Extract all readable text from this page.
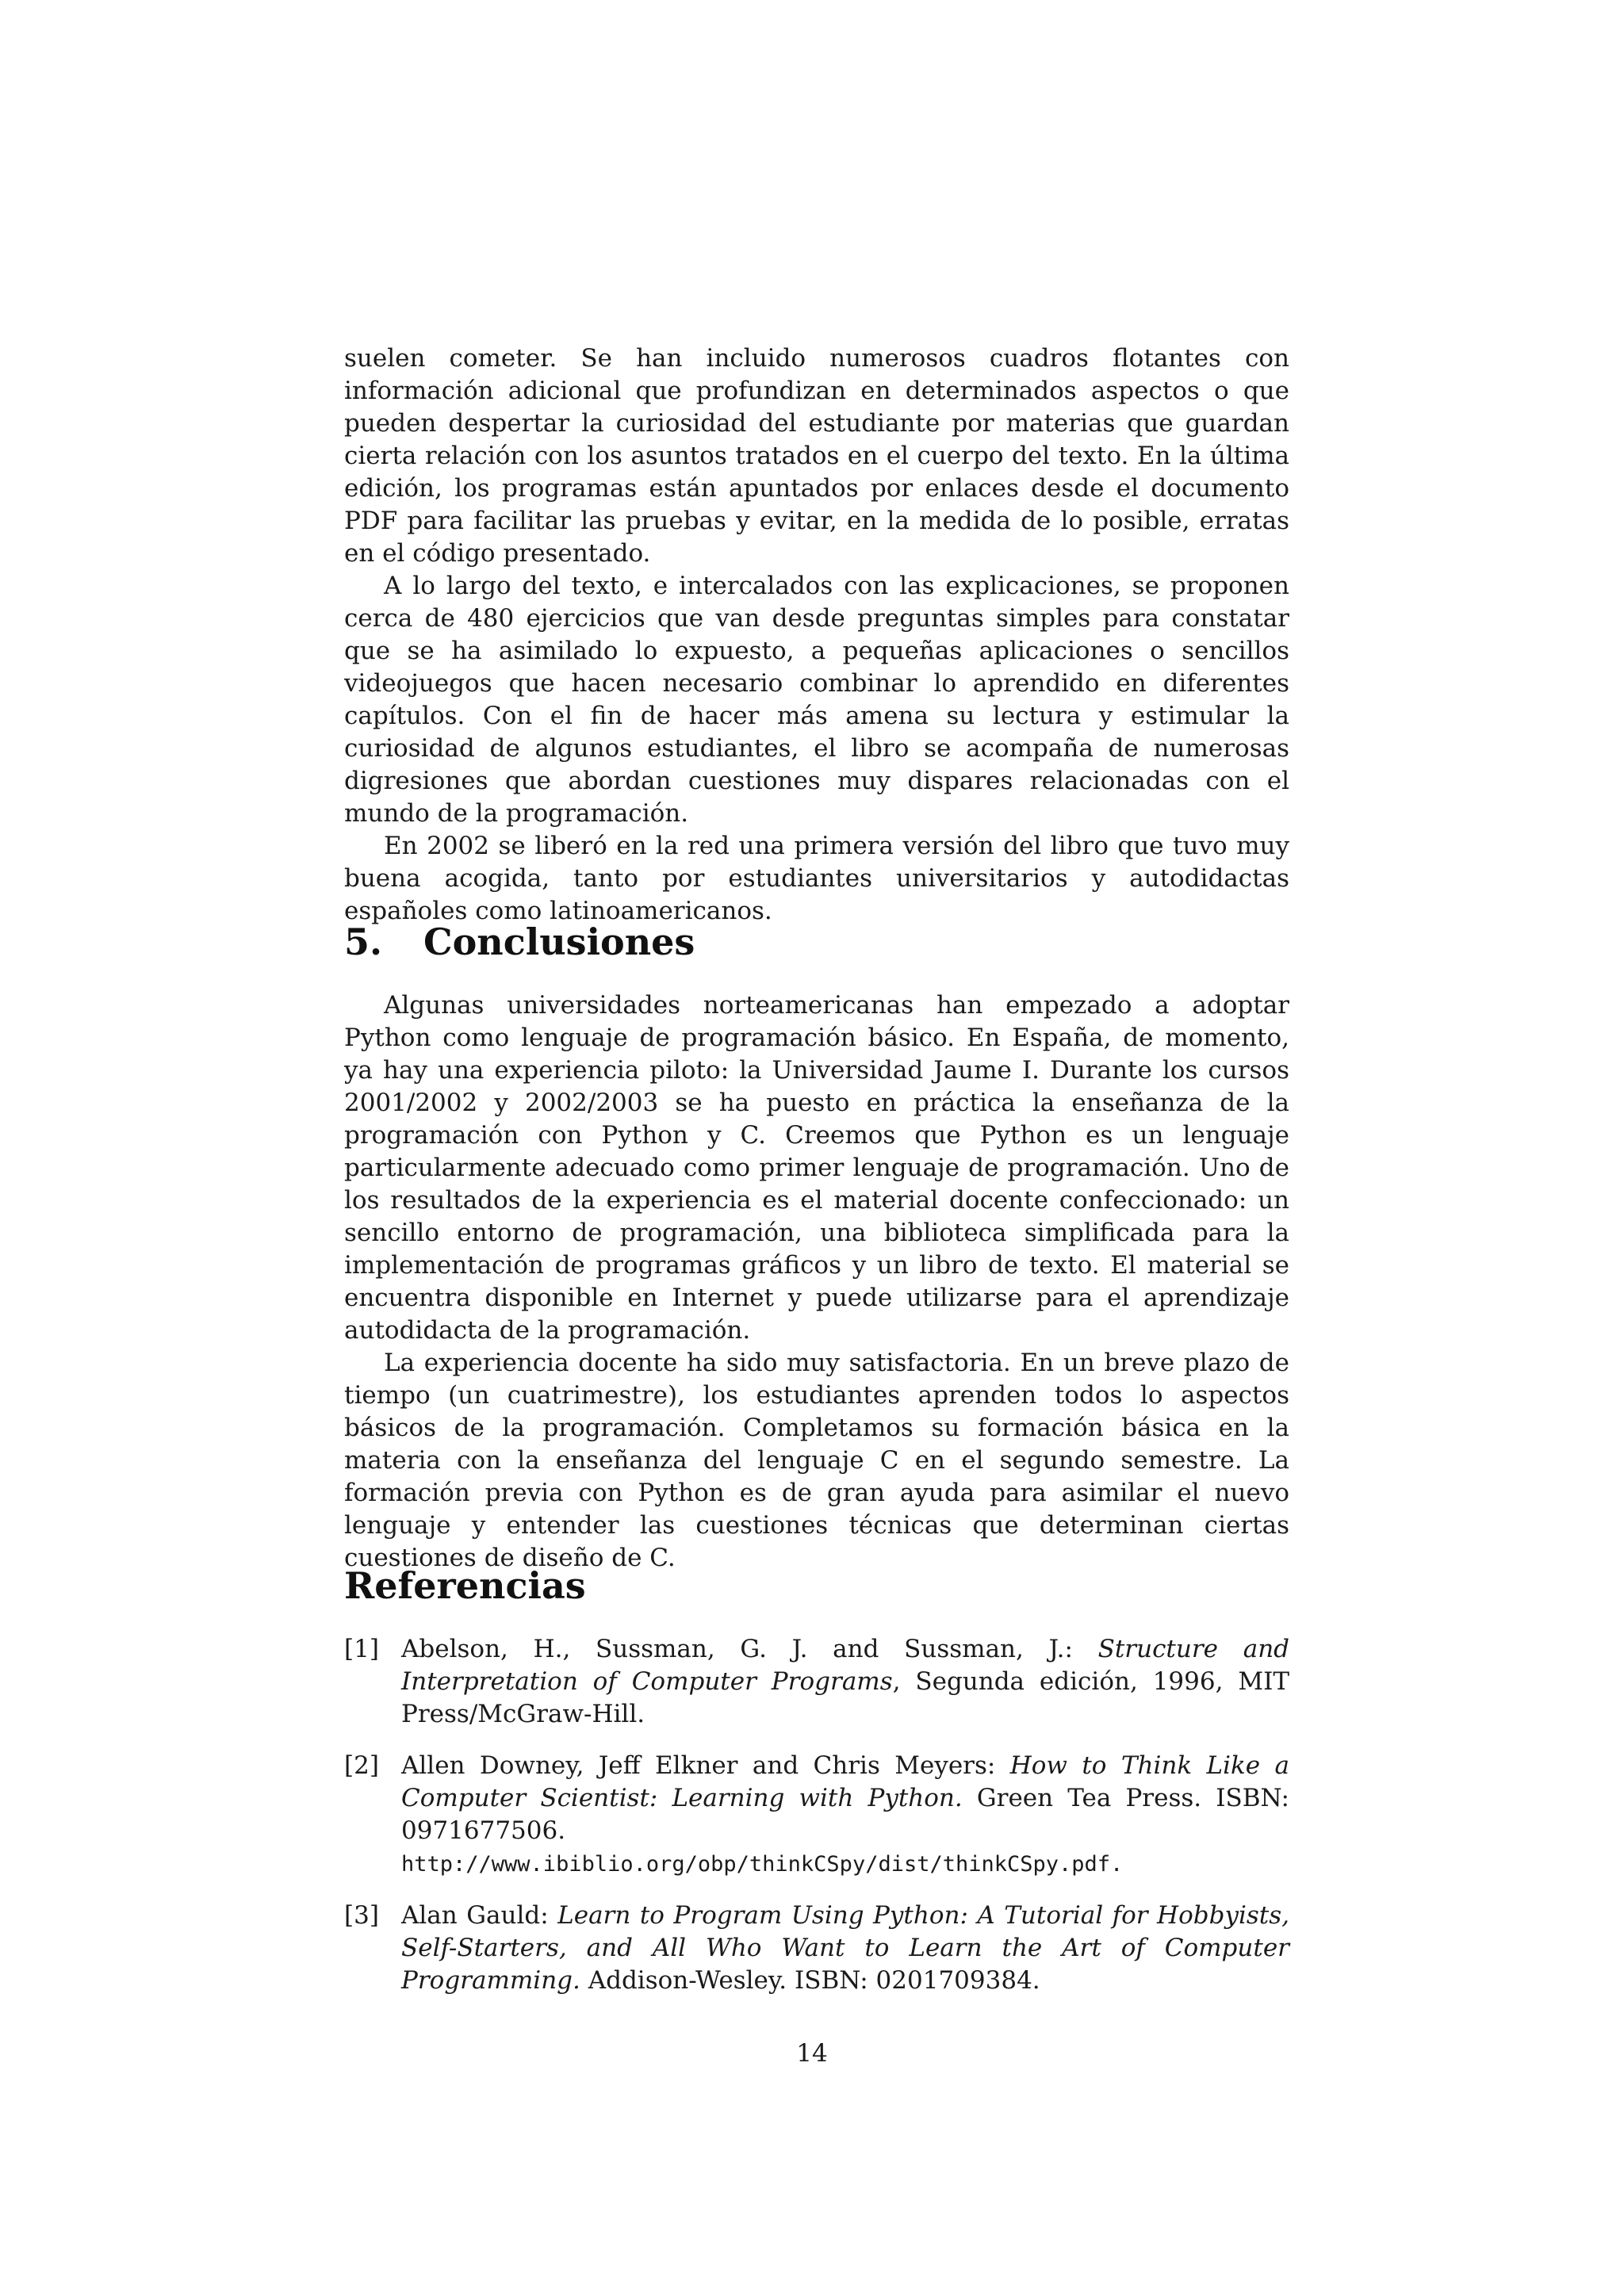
suelen cometer. Se han incluido numerosos cuadros flotantes con información adicional que profundizan en determinados aspectos o que pueden despertar la curiosidad del estudiante por materias que guardan cierta relación con los asuntos tratados en el cuerpo del texto. En la última edición, los programas están apuntados por enlaces desde el documento PDF para facilitar las pruebas y evitar, en la medida de lo posible, erratas en el código presentado.

A lo largo del texto, e intercalados con las explicaciones, se proponen cerca de 480 ejercicios que van desde preguntas simples para constatar que se ha asimilado lo expuesto, a pequeñas aplicaciones o sencillos videojuegos que hacen necesario combinar lo aprendido en diferentes capítulos. Con el fin de hacer más amena su lectura y estimular la curiosidad de algunos estudiantes, el libro se acompaña de numerosas digresiones que abordan cuestiones muy dispares relacionadas con el mundo de la programación.

En 2002 se liberó en la red una primera versión del libro que tuvo muy buena acogida, tanto por estudiantes universitarios y autodidactas españoles como latinoamericanos.

5. Conclusiones

Algunas universidades norteamericanas han empezado a adoptar Python como lenguaje de programación básico. En España, de momento, ya hay una experiencia piloto: la Universidad Jaume I. Durante los cursos 2001/2002 y 2002/2003 se ha puesto en práctica la enseñanza de la programación con Python y C. Creemos que Python es un lenguaje particularmente adecuado como primer lenguaje de programación. Uno de los resultados de la experiencia es el material docente confeccionado: un sencillo entorno de programación, una biblioteca simplificada para la implementación de programas gráficos y un libro de texto. El material se encuentra disponible en Internet y puede utilizarse para el aprendizaje autodidacta de la programación.

La experiencia docente ha sido muy satisfactoria. En un breve plazo de tiempo (un cuatrimestre), los estudiantes aprenden todos lo aspectos básicos de la programación. Completamos su formación básica en la materia con la enseñanza del lenguaje C en el segundo semestre. La formación previa con Python es de gran ayuda para asimilar el nuevo lenguaje y entender las cuestiones técnicas que determinan ciertas cuestiones de diseño de C.

Referencias
[1] Abelson, H., Sussman, G. J. and Sussman, J.: Structure and Interpretation of Computer Programs, Segunda edición, 1996, MIT Press/McGraw-Hill.
[2] Allen Downey, Jeff Elkner and Chris Meyers: How to Think Like a Computer Scientist: Learning with Python. Green Tea Press. ISBN: 0971677506.
http://www.ibiblio.org/obp/thinkCSpy/dist/thinkCSpy.pdf.
[3] Alan Gauld: Learn to Program Using Python: A Tutorial for Hobbyists, Self-Starters, and All Who Want to Learn the Art of Computer Programming. Addison-Wesley. ISBN: 0201709384.
14
